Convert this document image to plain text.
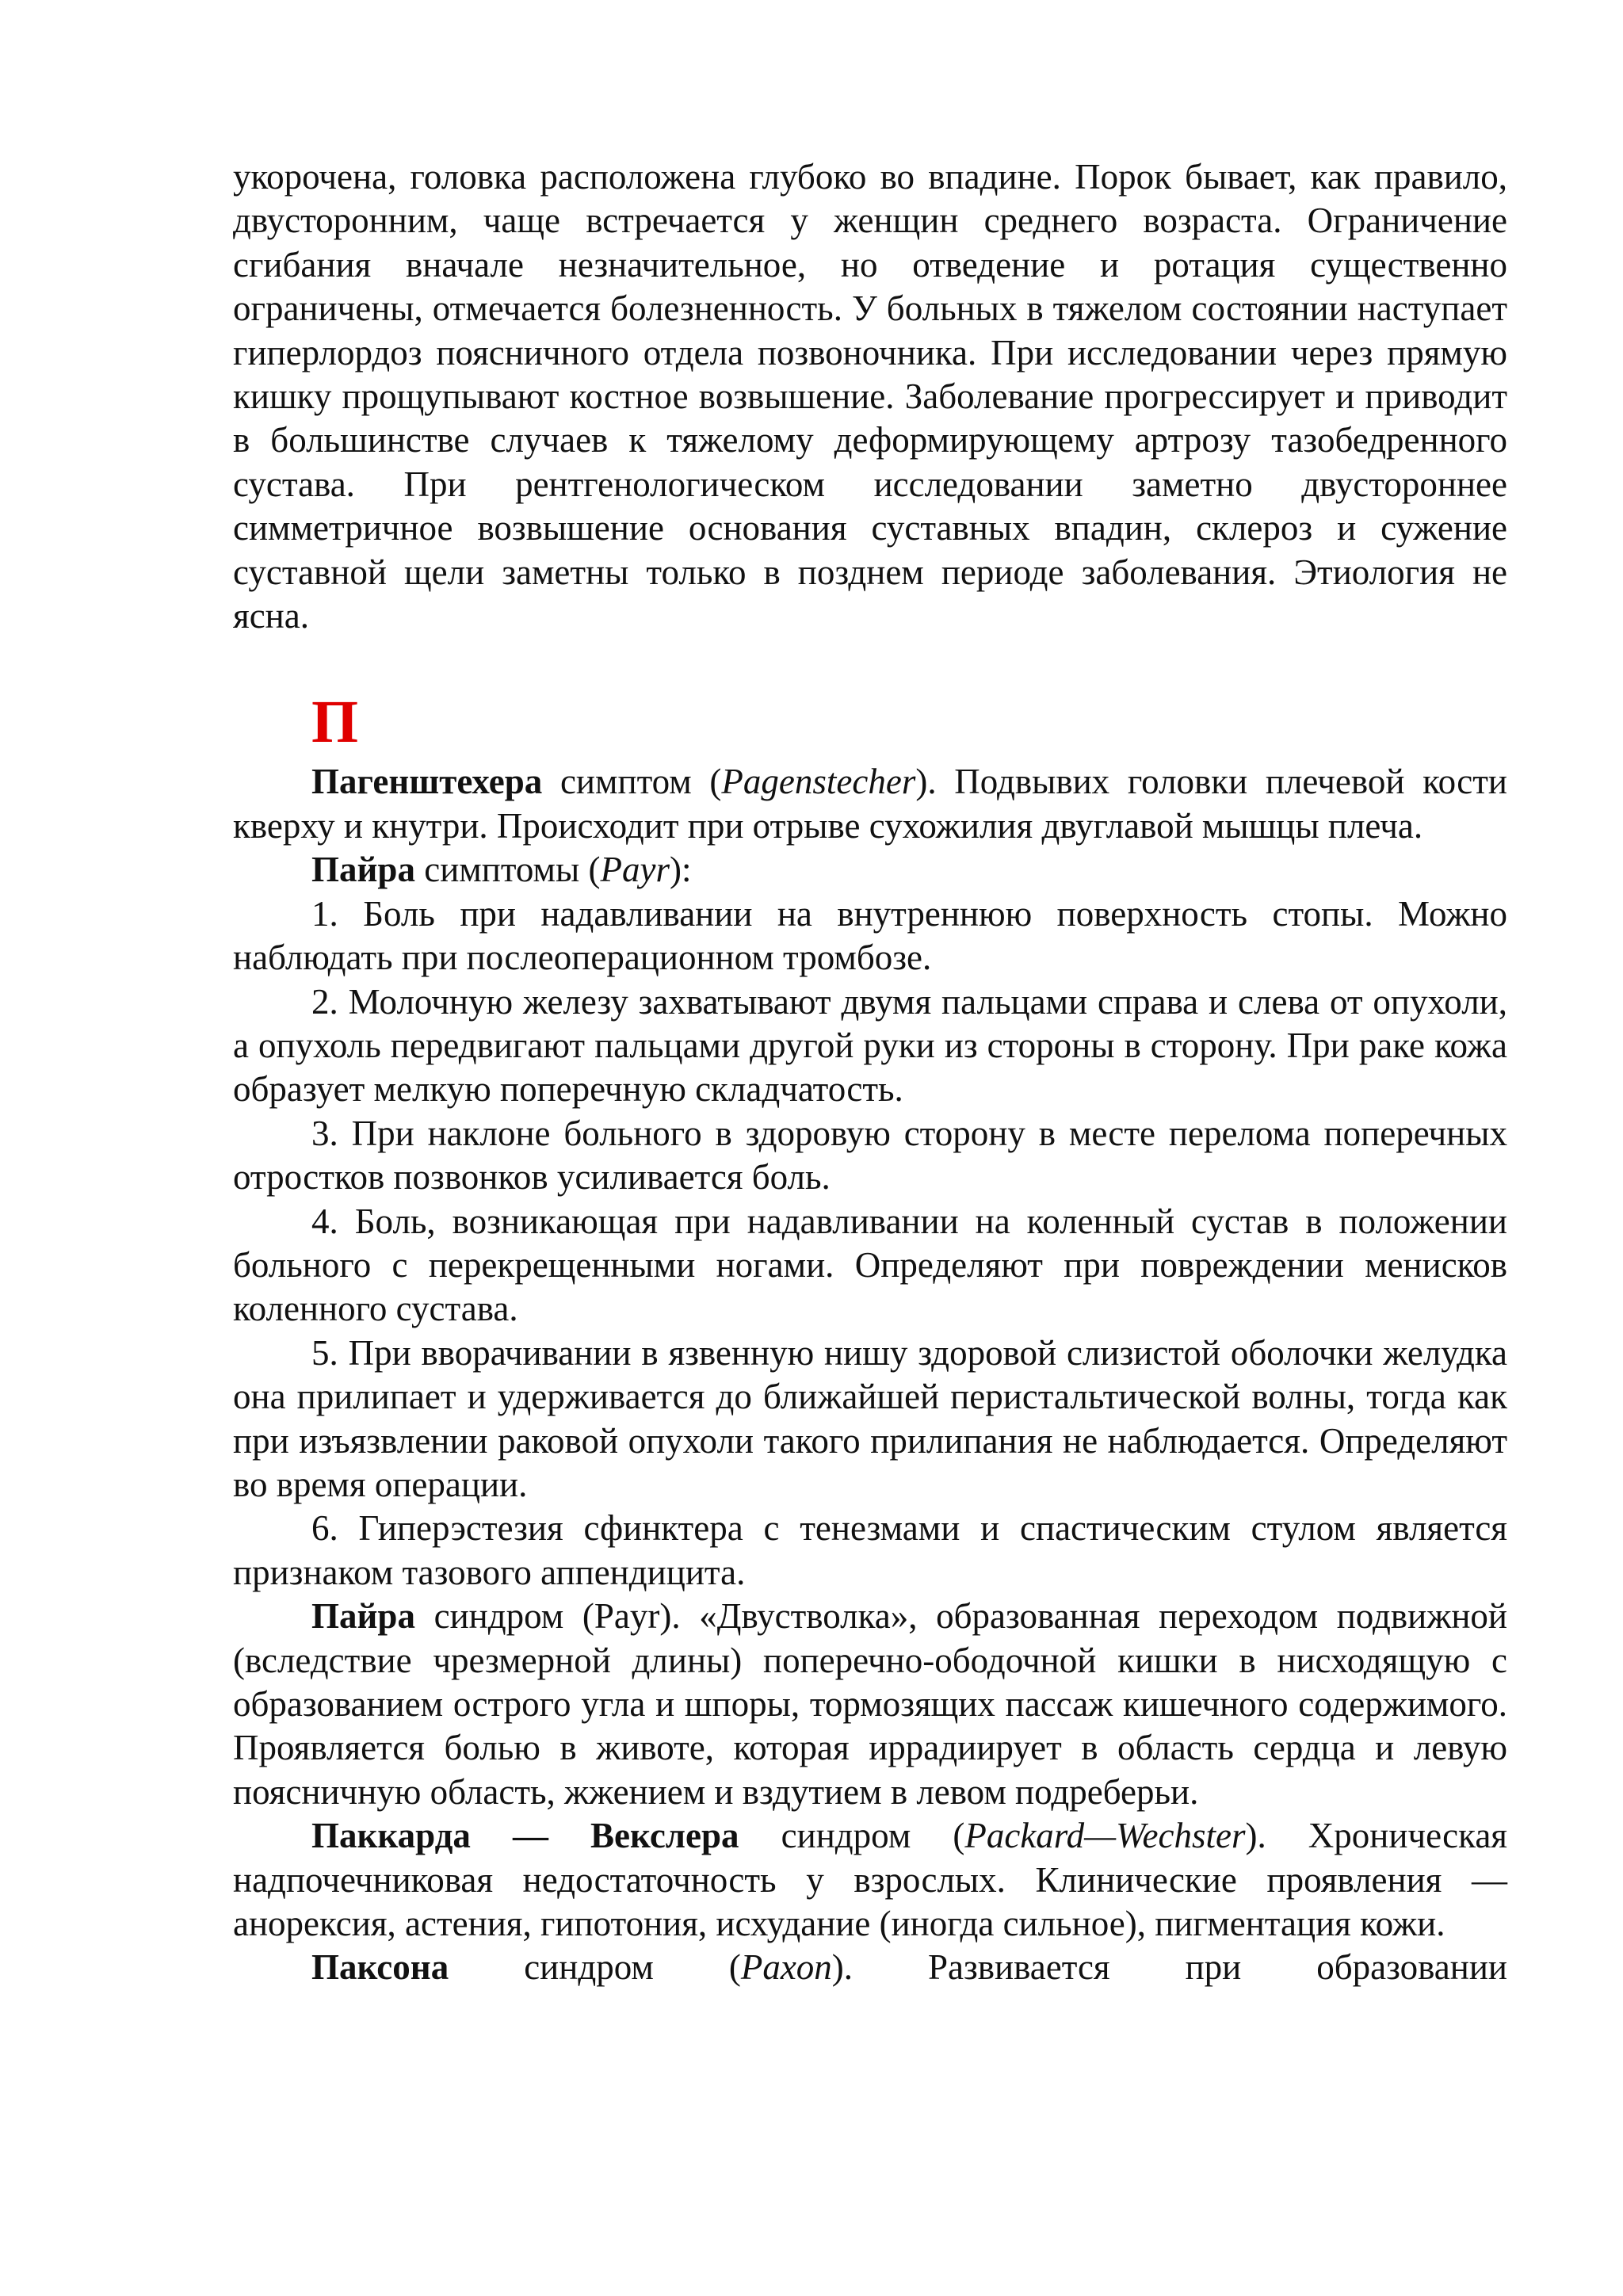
укорочена, головка расположена глубоко во впадине. Порок бывает, как правило, двусторонним, чаще встречается у женщин среднего возраста. Ограничение сгибания вначале незначительное, но отведение и ротация существенно ограничены, отмечается болезненность. У больных в тяжелом состоянии наступает гиперлордоз поясничного отдела позвоночника. При исследовании через прямую кишку прощупывают костное возвышение. Заболевание прогрессирует и приводит в большинстве случаев к тяжелому деформирующему артрозу тазобедренного сустава. При рентгенологическом исследовании заметно двустороннее симметричное возвышение основания суставных впадин, склероз и сужение суставной щели заметны только в позднем периоде заболевания. Этиология не ясна.

П

Пагенштехера симптом (Pagenstecher). Подвывих головки плечевой кости кверху и кнутри. Происходит при отрыве сухожилия двуглавой мышцы плеча.

Пайра симптомы (Payr):

1. Боль при надавливании на внутреннюю поверхность стопы. Можно наблюдать при послеоперационном тромбозе.

2. Молочную железу захватывают двумя пальцами справа и слева от опухоли, а опухоль передвигают пальцами другой руки из стороны в сторону. При раке кожа образует мелкую поперечную складчатость.

3. При наклоне больного в здоровую сторону в месте перелома поперечных отростков позвонков усиливается боль.

4. Боль, возникающая при надавливании на коленный сустав в положении больного с перекрещенными ногами. Определяют при повреждении менисков коленного сустава.

5. При вворачивании в язвенную нишу здоровой слизистой оболочки желудка она прилипает и удерживается до ближайшей перистальтической волны, тогда как при изъязвлении раковой опухоли такого прилипания не наблюдается. Определяют во время операции.

6. Гиперэстезия сфинктера с тенезмами и спастическим стулом является признаком тазового аппендицита.

Пайра синдром (Payr). «Двустволка», образованная переходом подвижной (вследствие чрезмерной длины) поперечно-ободочной кишки в нисходящую с образованием острого угла и шпоры, тормозящих пассаж кишечного содержимого. Проявляется болью в животе, которая иррадиирует в область сердца и левую поясничную область, жжением и вздутием в левом подреберьи.

Паккарда — Векслера синдром (Packard—Wechster). Хроническая надпочечниковая недостаточность у взрослых. Клинические проявления — анорексия, астения, гипотония, исхудание (иногда сильное), пигментация кожи.

Паксона синдром (Paxon). Развивается при образовании
